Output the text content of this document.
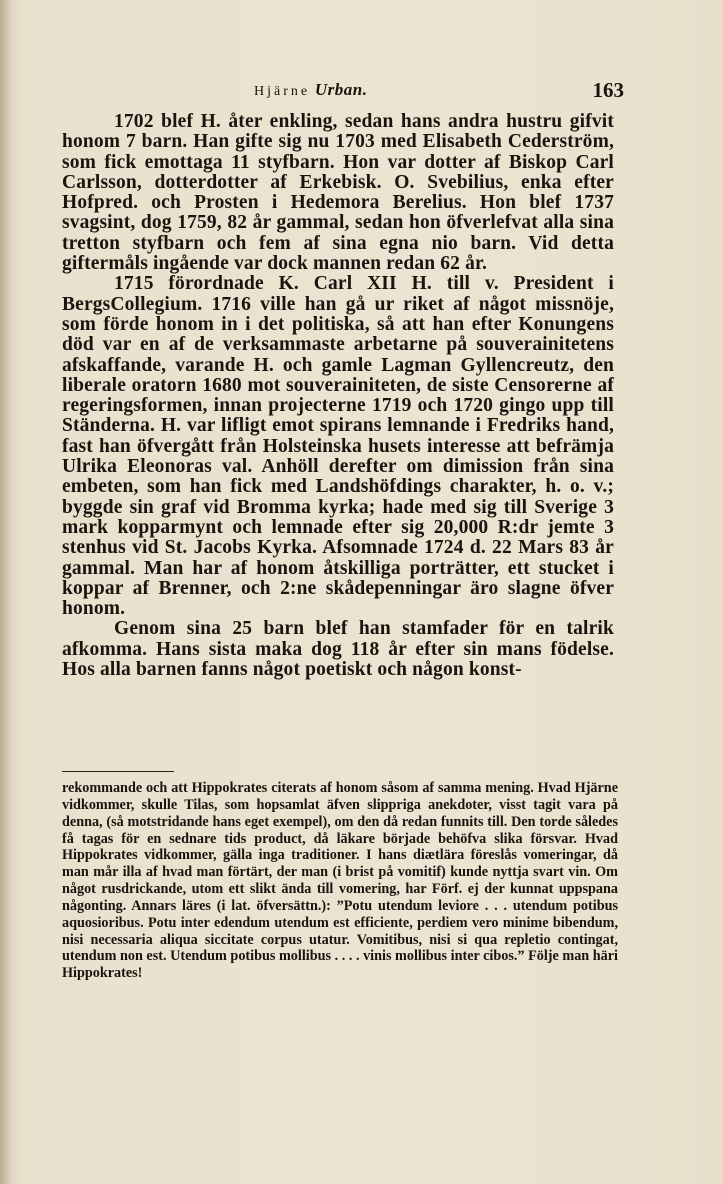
Hjärne Urban.	163

1702 blef H. åter enkling, sedan hans andra hustru gifvit honom 7 barn. Han gifte sig nu 1703 med Elisabeth Cederström, som fick emottaga 11 styfbarn. Hon var dotter af Biskop Carl Carlsson, dotterdotter af Erkebisk. O. Svebilius, enka efter Hofpred. och Prosten i Hedemora Berelius. Hon blef 1737 svagsint, dog 1759, 82 år gammal, sedan hon öfverlefvat alla sina tretton styfbarn och fem af sina egna nio barn. Vid detta giftermåls ingående var dock mannen redan 62 år.

1715 förordnade K. Carl XII H. till v. President i BergsCollegium. 1716 ville han gå ur riket af något missnöje, som förde honom in i det politiska, så att han efter Konungens död var en af de verksammaste arbetarne på souverainitetens afskaffande, varande H. och gamle Lagman Gyllencreutz, den liberale oratorn 1680 mot souverainiteten, de siste Censorerne af regeringsformen, innan projecterne 1719 och 1720 gingo upp till Ständerna. H. var lifligt emot spirans lemnande i Fredriks hand, fast han öfvergått från Holsteinska husets interesse att befrämja Ulrika Eleonoras val. Anhöll derefter om dimission från sina embeten, som han fick med Landshöfdings charakter, h. o. v.; byggde sin graf vid Bromma kyrka; hade med sig till Sverige 3 mark kopparmynt och lemnade efter sig 20,000 R:dr jemte 3 stenhus vid St. Jacobs Kyrka. Afsomnade 1724 d. 22 Mars 83 år gammal. Man har af honom åtskilliga porträtter, ett stucket i koppar af Brenner, och 2:ne skådepenningar äro slagne öfver honom.

Genom sina 25 barn blef han stamfader för en talrik afkomma. Hans sista maka dog 118 år efter sin mans födelse. Hos alla barnen fanns något poetiskt och någon konst-

rekommande och att Hippokrates citerats af honom såsom af samma mening. Hvad Hjärne vidkommer, skulle Tilas, som hopsamlat äfven slippriga anekdoter, visst tagit vara på denna, (så motstridande hans eget exempel), om den då redan funnits till. Den torde således få tagas för en sednare tids product, då läkare började behöfva slika försvar. Hvad Hippokrates vidkommer, gälla inga traditioner. I hans diætlära föreslås vomeringar, då man mår illa af hvad man förtärt, der man (i brist på vomitif) kunde nyttja svart vin. Om något rusdrickande, utom ett slikt ända till vomering, har Förf. ej der kunnat uppspana någonting. Annars läres (i lat. öfversättn.): ”Potu utendum leviore . . . utendum potibus aquosioribus. Potu inter edendum utendum est efficiente, perdiem vero minime bibendum, nisi necessaria aliqua siccitate corpus utatur. Vomitibus, nisi si qua repletio contingat, utendum non est. Utendum potibus mollibus . . . . vinis mollibus inter cibos.” Följe man häri Hippokrates!
